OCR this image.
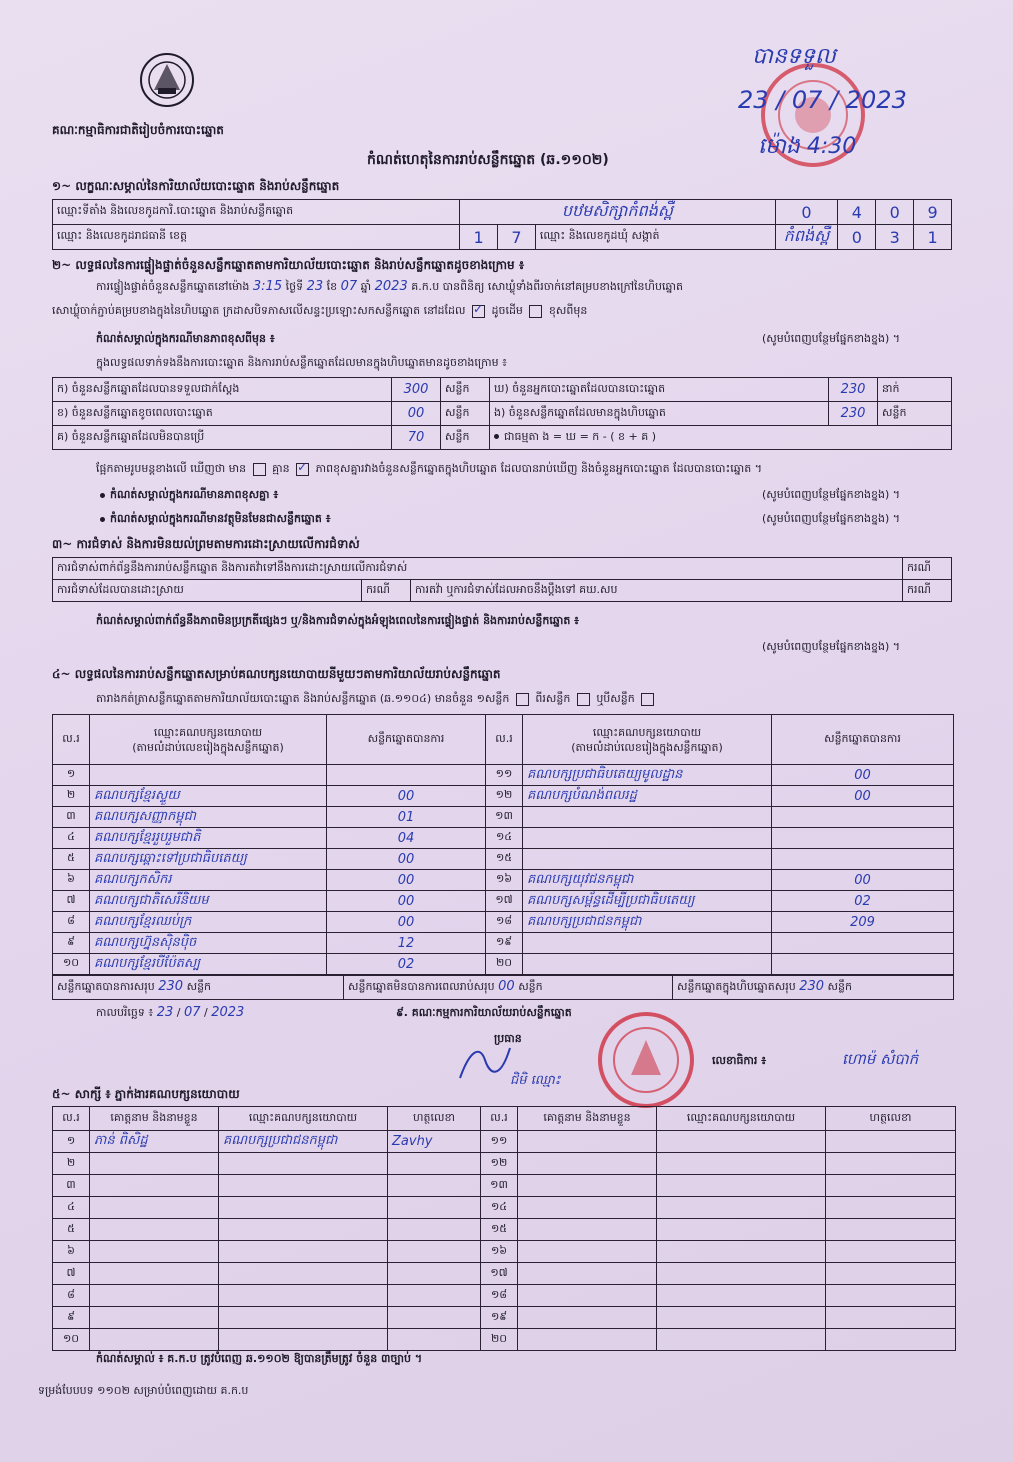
គណៈកម្មាធិការជាតិរៀបចំការបោះឆ្នោត
កំណត់ហេតុនៃការរាប់សន្លឹកឆ្នោត (ឆ.១១០២)
បានទទួល
23 / 07 / 2023
ម៉ោង 4:30
១~ លក្ខណៈសម្គាល់នៃការិយាល័យបោះឆ្នោត និងរាប់សន្លឹកឆ្នោត
ឈ្មោះទីតាំង និងលេខកូដការិ.បោះឆ្នោត និងរាប់សន្លឹកឆ្នោត	បឋមសិក្សាកំពង់ស្ពឺ			0	4	0	9
ឈ្មោះ និងលេខកូដរាជធានី ខេត្ត	1	7	ឈ្មោះ និងលេខកូដឃុំ សង្កាត់	កំពង់ស្ពឺ	0	3	1
២~ លទ្ធផលនៃការផ្ទៀងផ្ទាត់ចំនួនសន្លឹកឆ្នោតតាមការិយាល័យបោះឆ្នោត និងរាប់សន្លឹកឆ្នោតដូចខាងក្រោម ៖
ការផ្ទៀងផ្ទាត់ចំនួនសន្លឹកឆ្នោតនៅម៉ោង 3:15 ថ្ងៃទី 23 ខែ 07 ឆ្នាំ 2023 គ.ក.ប បានពិនិត្យ សោឃ្លុំទាំងពីរចាក់នៅគម្របខាងក្រៅនៃហិបឆ្នោត
សោឃ្លុំចាក់ភ្ជាប់គម្របខាងក្នុងនៃហិបឆ្នោត ក្រដាសបិទភាសលើសន្ទះប្រឡោះសកសន្លឹកឆ្នោត នៅដដែល ✓ ដូចដើម ខុសពីមុន
កំណត់សម្គាល់ក្នុងករណីមានភាពខុសពីមុន ៖	(សូមបំពេញបន្ថែមផ្នែកខាងខ្នង) ។
ក្នុងលទ្ធផលទាក់ទងនឹងការបោះឆ្នោត និងការរាប់សន្លឹកឆ្នោតដែលមានក្នុងហិបឆ្នោតមានដូចខាងក្រោម ៖
ក) ចំនួនសន្លឹកឆ្នោតដែលបានទទួលជាក់ស្តែង	300	សន្លឹក	ឃ) ចំនួនអ្នកបោះឆ្នោតដែលបានបោះឆ្នោត	230	នាក់
ខ) ចំនួនសន្លឹកឆ្នោតខូចពេលបោះឆ្នោត	00	សន្លឹក	ង) ចំនួនសន្លឹកឆ្នោតដែលមានក្នុងហិបឆ្នោត	230	សន្លឹក
គ) ចំនួនសន្លឹកឆ្នោតដែលមិនបានប្រើ	70	សន្លឹក	ជាធម្មតា ង = ឃ = ក - ( ខ + គ )		
ផ្អែកតាមរូបមន្តខាងលើ ឃើញថា មាន គ្មាន ✓ ភាពខុសគ្នារវាងចំនួនសន្លឹកឆ្នោតក្នុងហិបឆ្នោត ដែលបានរាប់ឃើញ និងចំនួនអ្នកបោះឆ្នោត ដែលបានបោះឆ្នោត ។
កំណត់សម្គាល់ក្នុងករណីមានភាពខុសគ្នា ៖	(សូមបំពេញបន្ថែមផ្នែកខាងខ្នង) ។
កំណត់សម្គាល់ក្នុងករណីមានវត្ថុមិនមែនជាសន្លឹកឆ្នោត ៖	(សូមបំពេញបន្ថែមផ្នែកខាងខ្នង) ។
៣~ ការជំទាស់ និងការមិនយល់ព្រមតាមការដោះស្រាយលើការជំទាស់
ការជំទាស់ពាក់ព័ន្ធនឹងការរាប់សន្លឹកឆ្នោត និងការតវ៉ាទៅនឹងការដោះស្រាយលើការជំទាស់			ករណី
ការជំទាស់ដែលបានដោះស្រាយ	ករណី	ការតវ៉ា ឬការជំទាស់ដែលអាចនឹងប្តឹងទៅ គឃ.សប	ករណី
កំណត់សម្គាល់ពាក់ព័ន្ធនឹងភាពមិនប្រក្រតីផ្សេងៗ ឬ/និងការជំទាស់ក្នុងអំឡុងពេលនៃការផ្ទៀងផ្ទាត់ និងការរាប់សន្លឹកឆ្នោត ៖
(សូមបំពេញបន្ថែមផ្នែកខាងខ្នង) ។
៤~ លទ្ធផលនៃការរាប់សន្លឹកឆ្នោតសម្រាប់គណបក្សនយោបាយនីមួយៗតាមការិយាល័យរាប់សន្លឹកឆ្នោត
តារាងកត់ត្រាសន្លឹកឆ្នោតតាមការិយាល័យបោះឆ្នោត និងរាប់សន្លឹកឆ្នោត (ឆ.១១០៤) មានចំនួន ១សន្លឹក ពីរសន្លឹក ឬបីសន្លឹក
ល.រ	ឈ្មោះគណបក្សនយោបាយ
(តាមលំដាប់លេខរៀងក្នុងសន្លឹកឆ្នោត)	សន្លឹកឆ្នោតបានការ	ល.រ	ឈ្មោះគណបក្សនយោបាយ
(តាមលំដាប់លេខរៀងក្នុងសន្លឹកឆ្នោត)	សន្លឹកឆ្នោតបានការ
១			១១	គណបក្សប្រជាធិបតេយ្យមូលដ្ឋាន	00
២	គណបក្សខ្មែរស្ទួយ	00	១២	គណបក្សបំណង់ពលរដ្ឋ	00
៣	គណបក្សសញ្ញាកម្ពុជា	01	១៣		
៤	គណបក្សខ្មែររួបរួមជាតិ	04	១៤		
៥	គណបក្សឆ្ពោះទៅប្រជាធិបតេយ្យ	00	១៥		
៦	គណបក្សកសិករ	00	១៦	គណបក្សយុវជនកម្ពុជា	00
៧	គណបក្សជាតិសេរីនិយម	00	១៧	គណបក្សសម្ព័ន្ធដើម្បីប្រជាធិបតេយ្យ	02
៨	គណបក្សខ្មែរឈប់ក្រ	00	១៨	គណបក្សប្រជាជនកម្ពុជា	209
៩	គណបក្សហ្វ៊ុនស៊ិនប៉ិច	12	១៩		
១០	គណបក្សខ្មែរបីប៉ែតស្ប	02	២០		
សន្លឹកឆ្នោតបានការសរុប 230 សន្លឹក	សន្លឹកឆ្នោតមិនបានការពេលរាប់សរុប 00 សន្លឹក	សន្លឹកឆ្នោតក្នុងហិបឆ្នោតសរុប 230 សន្លឹក
កាលបរិច្ឆេទ ៖ 23 / 07 / 2023	៩. គណៈកម្មការការិយាល័យរាប់សន្លឹកឆ្នោត
ប្រធាន
ជិមិ ឈ្មោះ
លេខាធិការ ៖	ហោម៉ សំបាក់
៥~ សាក្សី ៖ ភ្នាក់ងារគណបក្សនយោបាយ
ល.រ	គោត្តនាម និងនាមខ្លួន	ឈ្មោះគណបក្សនយោបាយ	ហត្ថលេខា	ល.រ	គោត្តនាម និងនាមខ្លួន	ឈ្មោះគណបក្សនយោបាយ	ហត្ថលេខា
១	ភាន់ ពិសិដ្ឋ	គណបក្សប្រជាជនកម្ពុជា	Zavhy	១១			
២				១២			
៣				១៣			
៤				១៤			
៥				១៥			
៦				១៦			
៧				១៧			
៨				១៨			
៩				១៩			
១០				២០			
កំណត់សម្គាល់ ៖ គ.ក.ប ត្រូវបំពេញ ឆ.១១០២ ឱ្យបានត្រឹមត្រូវ ចំនួន ៣ច្បាប់ ។
ទម្រង់បែបបទ ១១០២ សម្រាប់បំពេញដោយ គ.ក.ប
